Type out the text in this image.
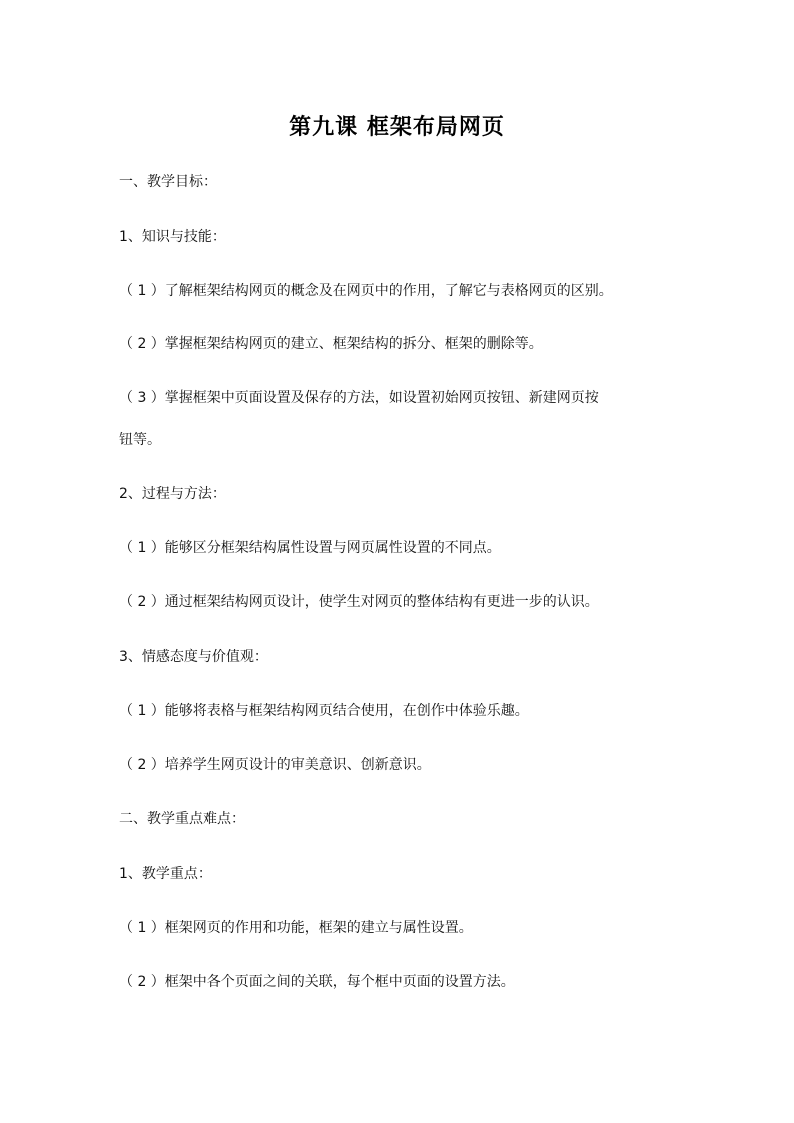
第九课 框架布局网页
一、教学目标：
1、知识与技能：
（ 1 ）了解框架结构网页的概念及在网页中的作用，了解它与表格网页的区别。
（ 2 ）掌握框架结构网页的建立、框架结构的拆分、框架的删除等。
（ 3 ）掌握框架中页面设置及保存的方法，如设置初始网页按钮、新建网页按
钮等。
2、过程与方法：
（ 1 ）能够区分框架结构属性设置与网页属性设置的不同点。
（ 2 ）通过框架结构网页设计，使学生对网页的整体结构有更进一步的认识。
3、情感态度与价值观：
（ 1 ）能够将表格与框架结构网页结合使用，在创作中体验乐趣。
（ 2 ）培养学生网页设计的审美意识、创新意识。
二、教学重点难点：
1、教学重点：
（ 1 ）框架网页的作用和功能，框架的建立与属性设置。
（ 2 ）框架中各个页面之间的关联，每个框中页面的设置方法。
